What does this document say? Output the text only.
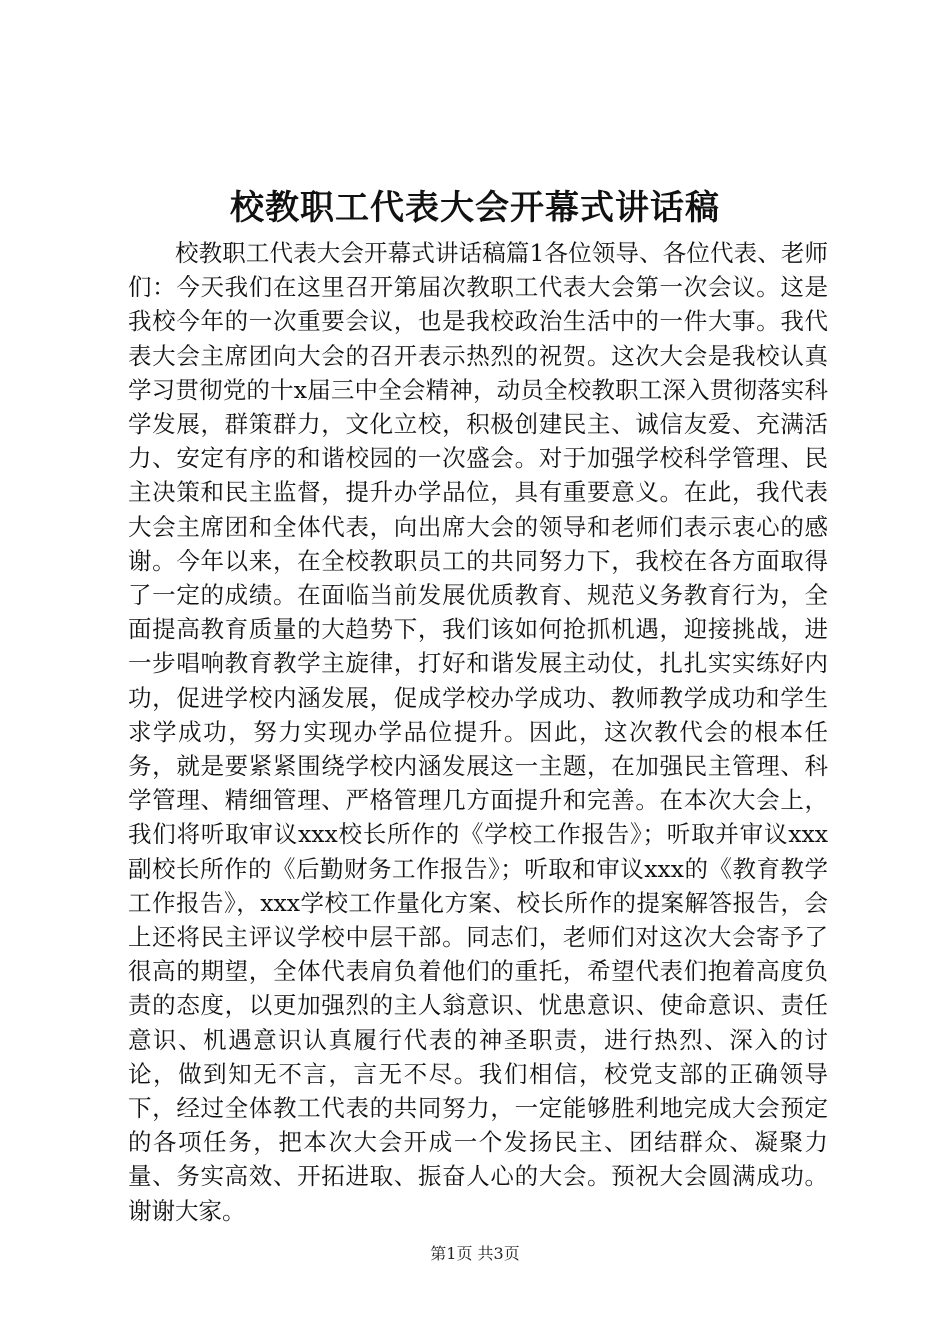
校教职工代表大会开幕式讲话稿

校教职工代表大会开幕式讲话稿篇1各位领导、各位代表、老师们：今天我们在这里召开第届次教职工代表大会第一次会议。这是我校今年的一次重要会议，也是我校政治生活中的一件大事。我代表大会主席团向大会的召开表示热烈的祝贺。这次大会是我校认真学习贯彻党的十x届三中全会精神，动员全校教职工深入贯彻落实科学发展，群策群力，文化立校，积极创建民主、诚信友爱、充满活力、安定有序的和谐校园的一次盛会。对于加强学校科学管理、民主决策和民主监督，提升办学品位，具有重要意义。在此，我代表大会主席团和全体代表，向出席大会的领导和老师们表示衷心的感谢。今年以来，在全校教职员工的共同努力下，我校在各方面取得了一定的成绩。在面临当前发展优质教育、规范义务教育行为，全面提高教育质量的大趋势下，我们该如何抢抓机遇，迎接挑战，进一步唱响教育教学主旋律，打好和谐发展主动仗，扎扎实实练好内功，促进学校内涵发展，促成学校办学成功、教师教学成功和学生求学成功，努力实现办学品位提升。因此，这次教代会的根本任务，就是要紧紧围绕学校内涵发展这一主题，在加强民主管理、科学管理、精细管理、严格管理几方面提升和完善。在本次大会上，我们将听取审议xxx校长所作的《学校工作报告》；听取并审议xxx副校长所作的《后勤财务工作报告》；听取和审议xxx的《教育教学工作报告》，xxx学校工作量化方案、校长所作的提案解答报告，会上还将民主评议学校中层干部。同志们，老师们对这次大会寄予了很高的期望，全体代表肩负着他们的重托，希望代表们抱着高度负责的态度，以更加强烈的主人翁意识、忧患意识、使命意识、责任意识、机遇意识认真履行代表的神圣职责，进行热烈、深入的讨论，做到知无不言，言无不尽。我们相信，校党支部的正确领导下，经过全体教工代表的共同努力，一定能够胜利地完成大会预定的各项任务，把本次大会开成一个发扬民主、团结群众、凝聚力量、务实高效、开拓进取、振奋人心的大会。预祝大会圆满成功。谢谢大家。

第1页 共3页
